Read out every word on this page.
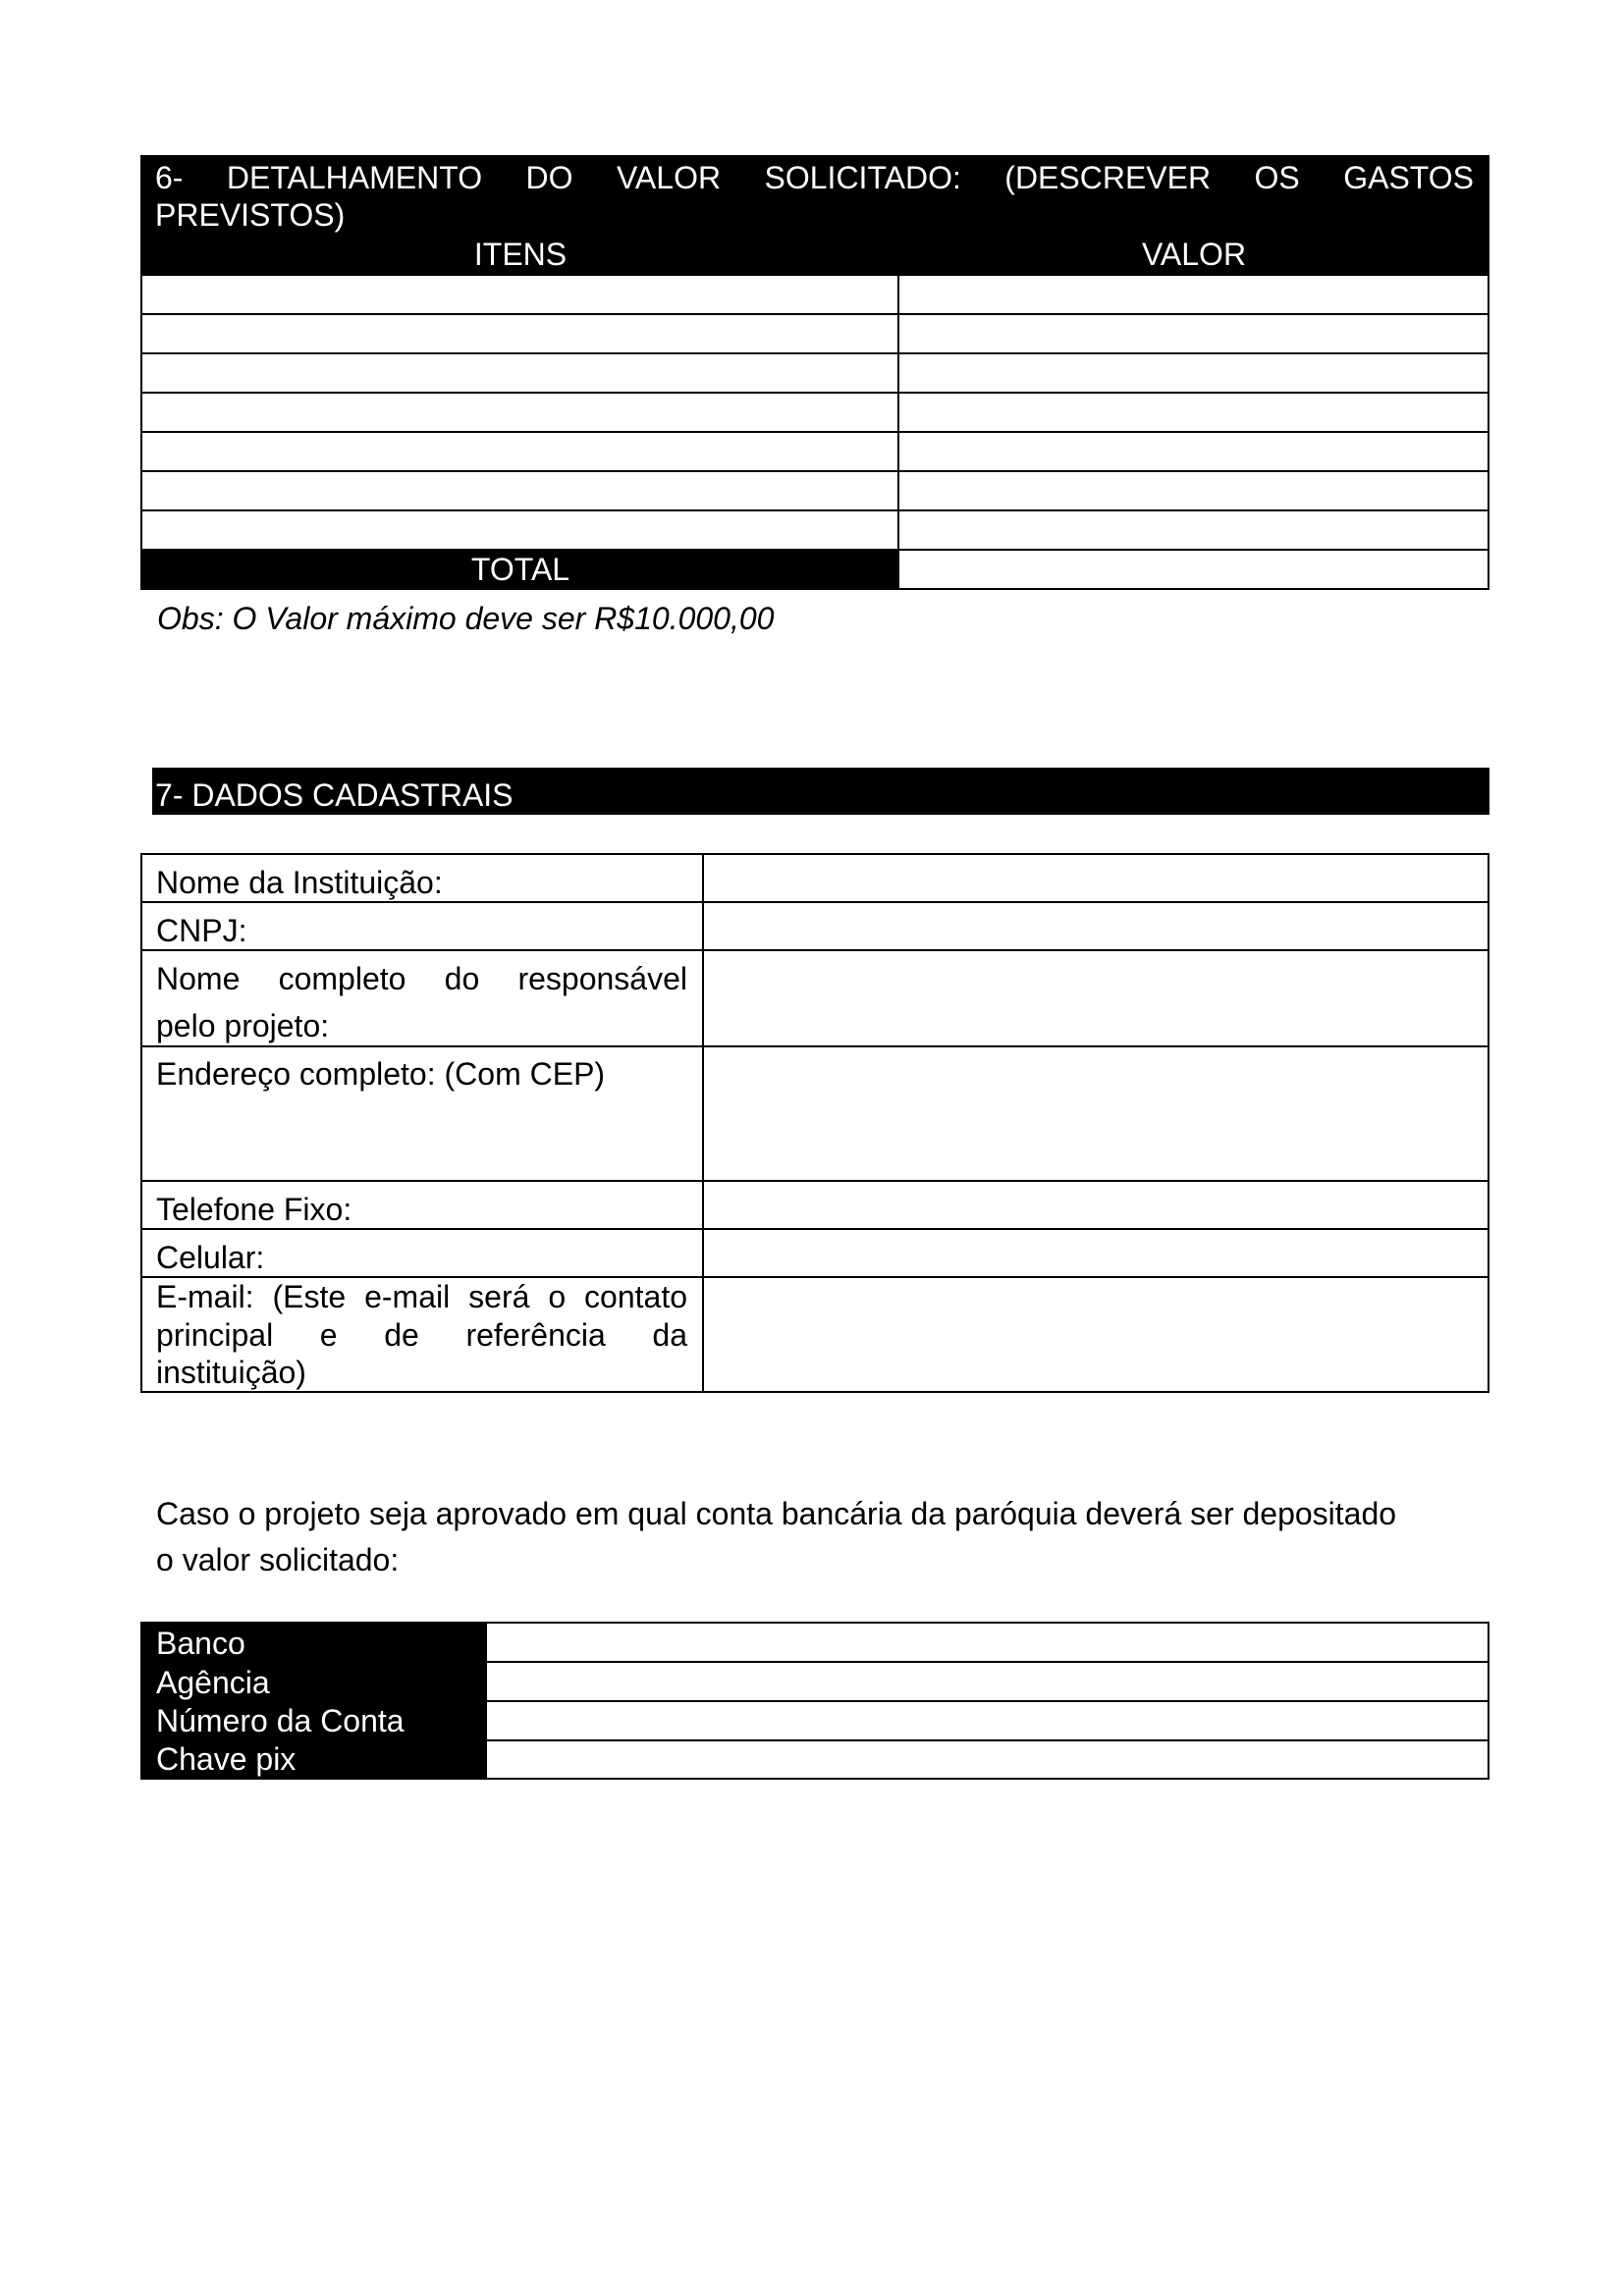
6- DETALHAMENTO DO VALOR SOLICITADO: (DESCREVER OS GASTOS
PREVISTOS)
ITENS	VALOR
TOTAL
Obs: O Valor máximo deve ser R$10.000,00
7- DADOS CADASTRAIS
Nome da Instituição:
CNPJ:
Nome completo do responsável
pelo projeto:
Endereço completo: (Com CEP)
Telefone Fixo:
Celular:
E-mail: (Este e-mail será o contato
principal e de referência da
instituição)
Caso o projeto seja aprovado em qual conta bancária da paróquia deverá ser depositado
o valor solicitado:
Banco
Agência
Número da Conta
Chave pix
